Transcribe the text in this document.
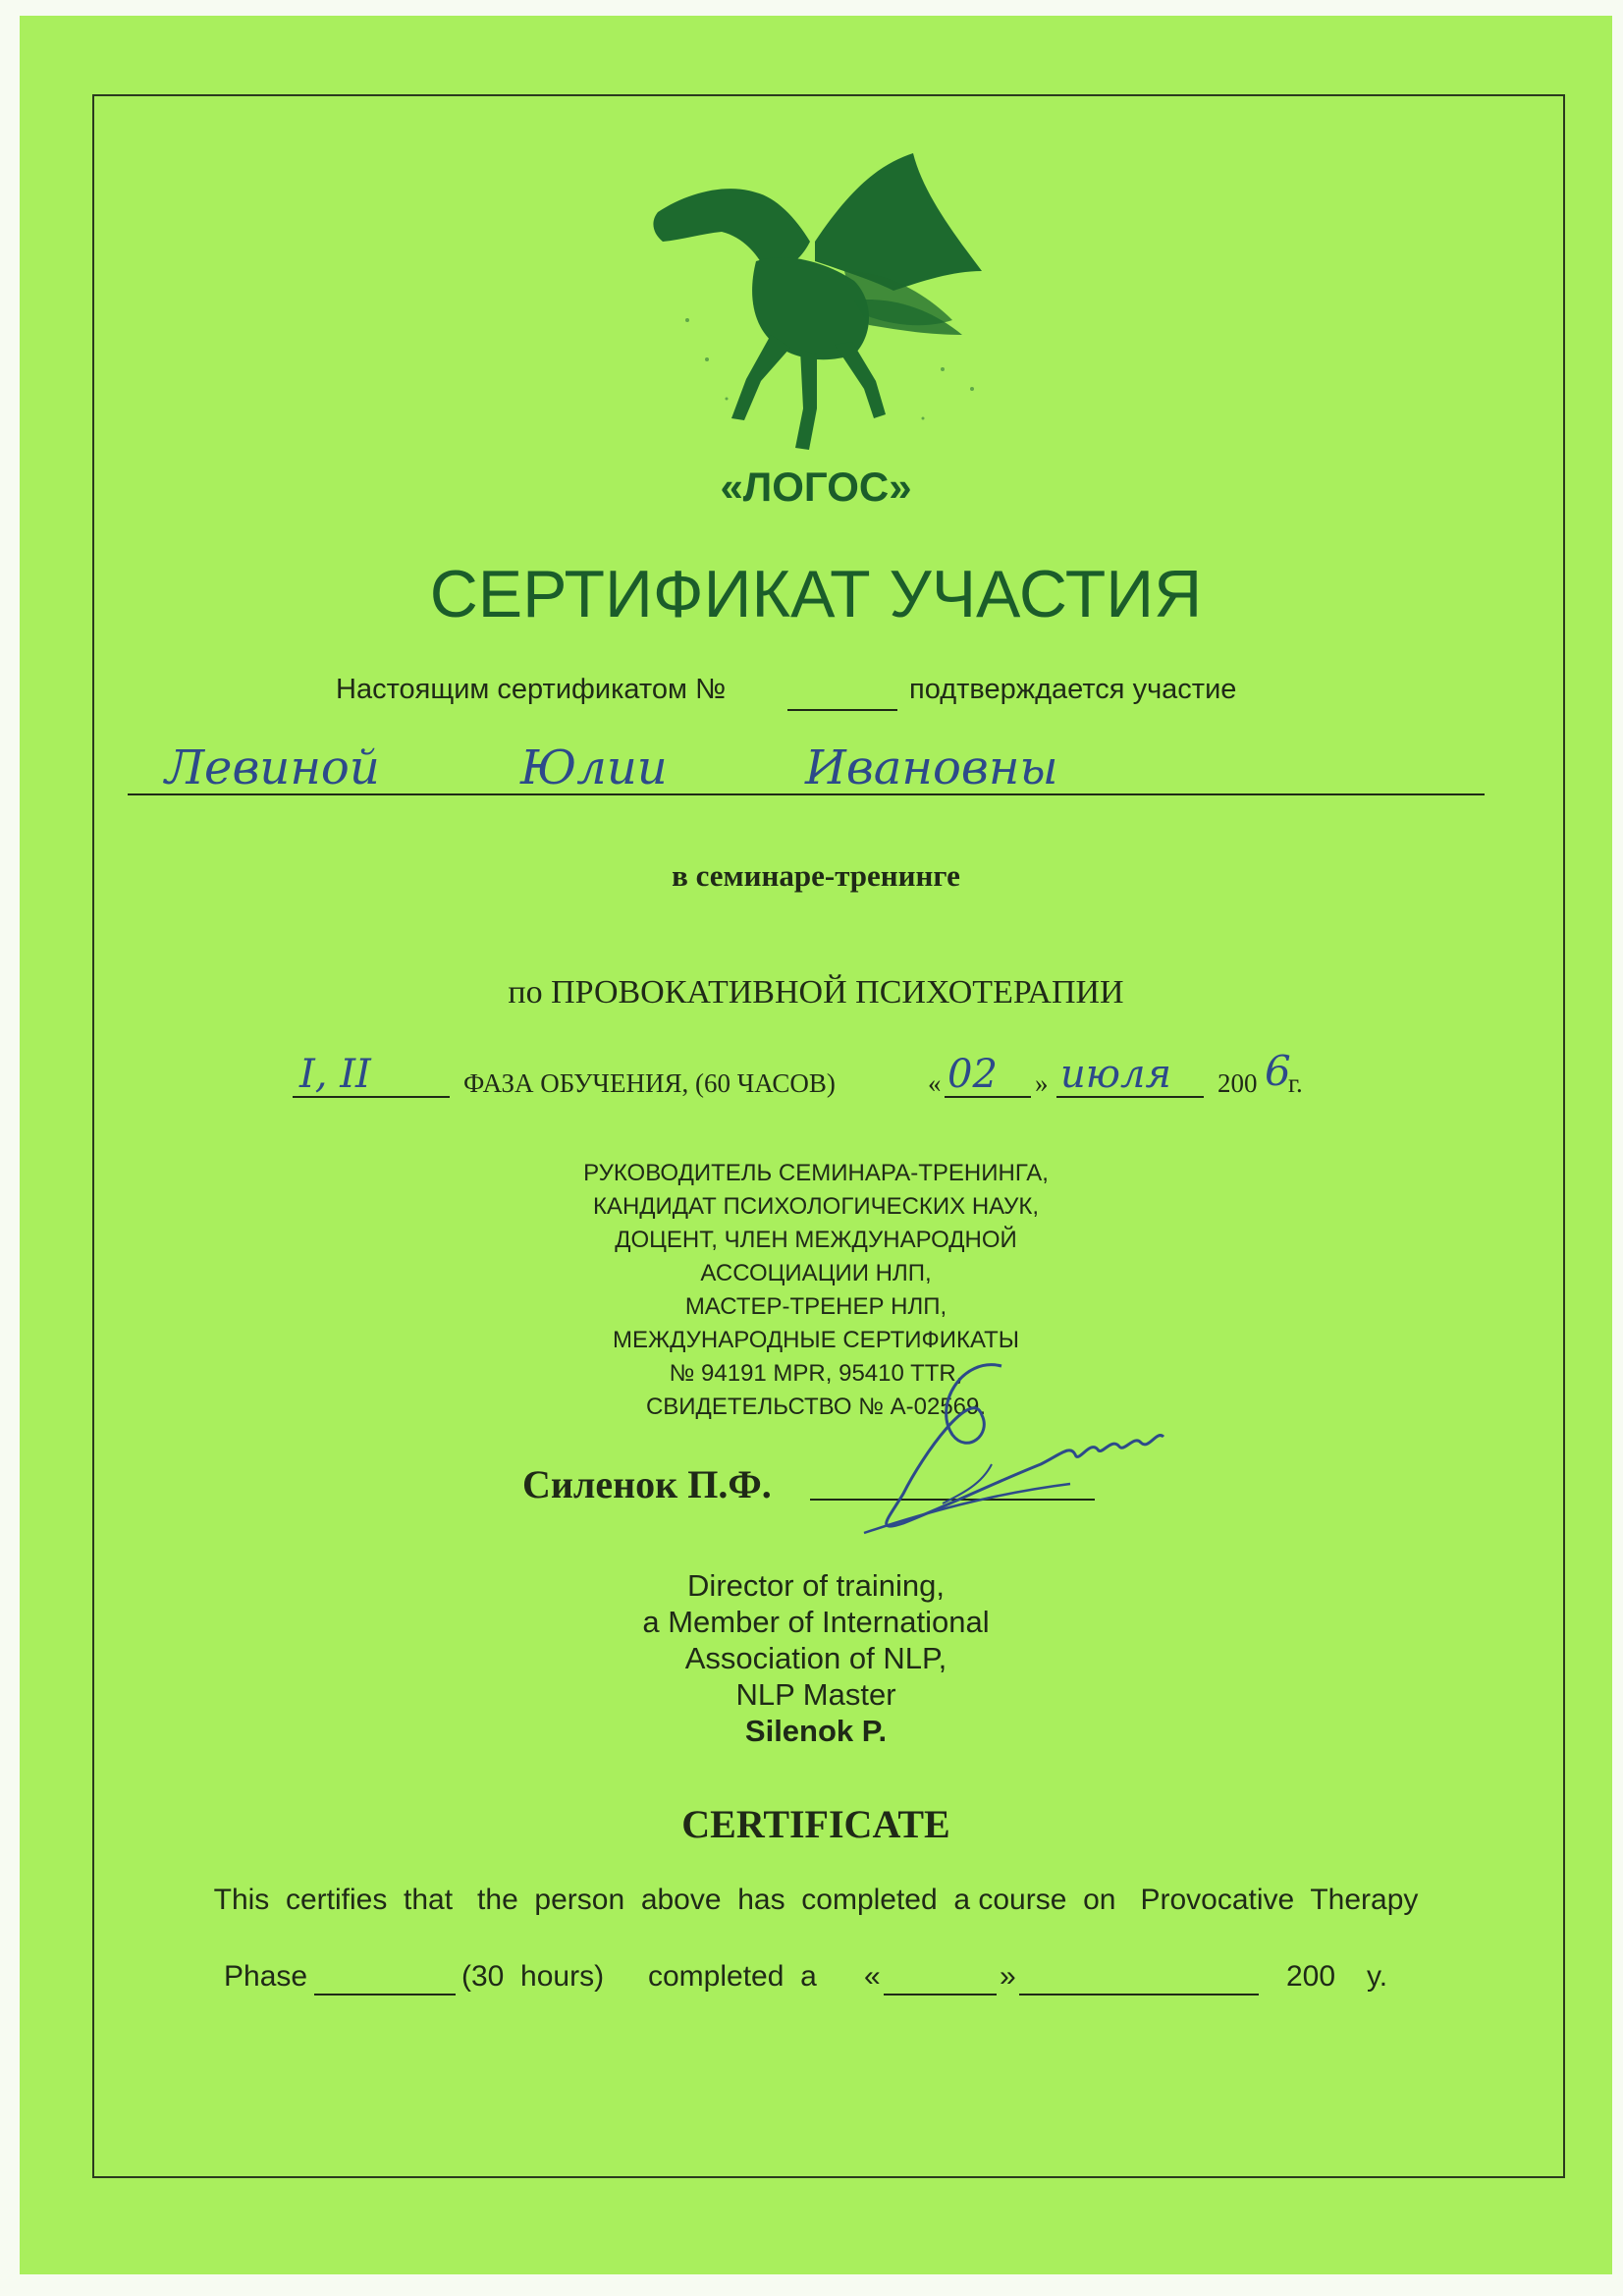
«ЛОГОС»
СЕРТИФИКАТ УЧАСТИЯ
Настоящим сертификатом №	подтверждается участие
Левиной	Юлии	Ивановны
в семинаре-тренинге
по ПРОВОКАТИВНОЙ ПСИХОТЕРАПИИ
I, II	ФАЗА ОБУЧЕНИЯ, (60 ЧАСОВ)	« 02 » июля 200 6
г.
РУКОВОДИТЕЛЬ СЕМИНАРА-ТРЕНИНГА,
КАНДИДАТ ПСИХОЛОГИЧЕСКИХ НАУК,
ДОЦЕНТ, ЧЛЕН МЕЖДУНАРОДНОЙ
АССОЦИАЦИИ НЛП,
МАСТЕР-ТРЕНЕР НЛП,
МЕЖДУНАРОДНЫЕ СЕРТИФИКАТЫ
№ 94191 MPR, 95410 TTR,
СВИДЕТЕЛЬСТВО № А-02569.
Силенок П.Ф.
Director of training,
a Member of International
Association of NLP,
NLP Master
Silenok P.
CERTIFICATE
This  certifies  that   the  person  above  has  completed  a course  on   Provocative  Therapy
Phase	(30  hours) completed  a «	»	200 y.
